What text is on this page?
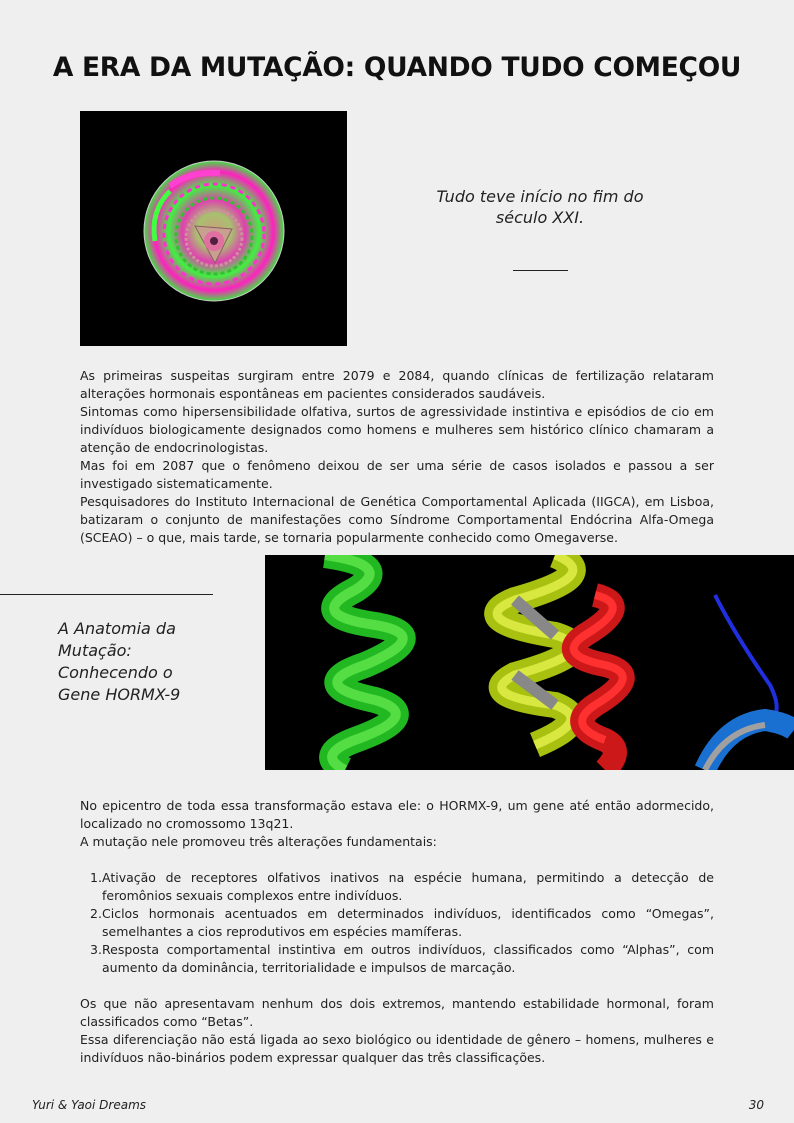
A ERA DA MUTAÇÃO: QUANDO TUDO COMEÇOU
Tudo teve início no fim do
século XXI.

As primeiras suspeitas surgiram entre 2079 e 2084, quando clínicas de fertilização relataram alterações hormonais espontâneas em pacientes considerados saudáveis.

Sintomas como hipersensibilidade olfativa, surtos de agressividade instintiva e episódios de cio em indivíduos biologicamente designados como homens e mulheres sem histórico clínico chamaram a atenção de endocrinologistas.

Mas foi em 2087 que o fenômeno deixou de ser uma série de casos isolados e passou a ser investigado sistematicamente.

Pesquisadores do Instituto Internacional de Genética Comportamental Aplicada (IIGCA), em Lisboa, batizaram o conjunto de manifestações como Síndrome Comportamental Endócrina Alfa-Omega (SCEAO) – o que, mais tarde, se tornaria popularmente conhecido como Omegaverse.

A Anatomia da Mutação: Conhecendo o Gene HORMX-9

No epicentro de toda essa transformação estava ele: o HORMX-9, um gene até então adormecido, localizado no cromossomo 13q21.

A mutação nele promoveu três alterações fundamentais:

1. Ativação de receptores olfativos inativos na espécie humana, permitindo a detecção de feromônios sexuais complexos entre indivíduos.
2. Ciclos hormonais acentuados em determinados indivíduos, identificados como “Omegas”, semelhantes a cios reprodutivos em espécies mamíferas.
3. Resposta comportamental instintiva em outros indivíduos, classificados como “Alphas”, com aumento da dominância, territorialidade e impulsos de marcação.

Os que não apresentavam nenhum dos dois extremos, mantendo estabilidade hormonal, foram classificados como “Betas”.

Essa diferenciação não está ligada ao sexo biológico ou identidade de gênero – homens, mulheres e indivíduos não-binários podem expressar qualquer das três classificações.

Yuri & Yaoi Dreams	30
